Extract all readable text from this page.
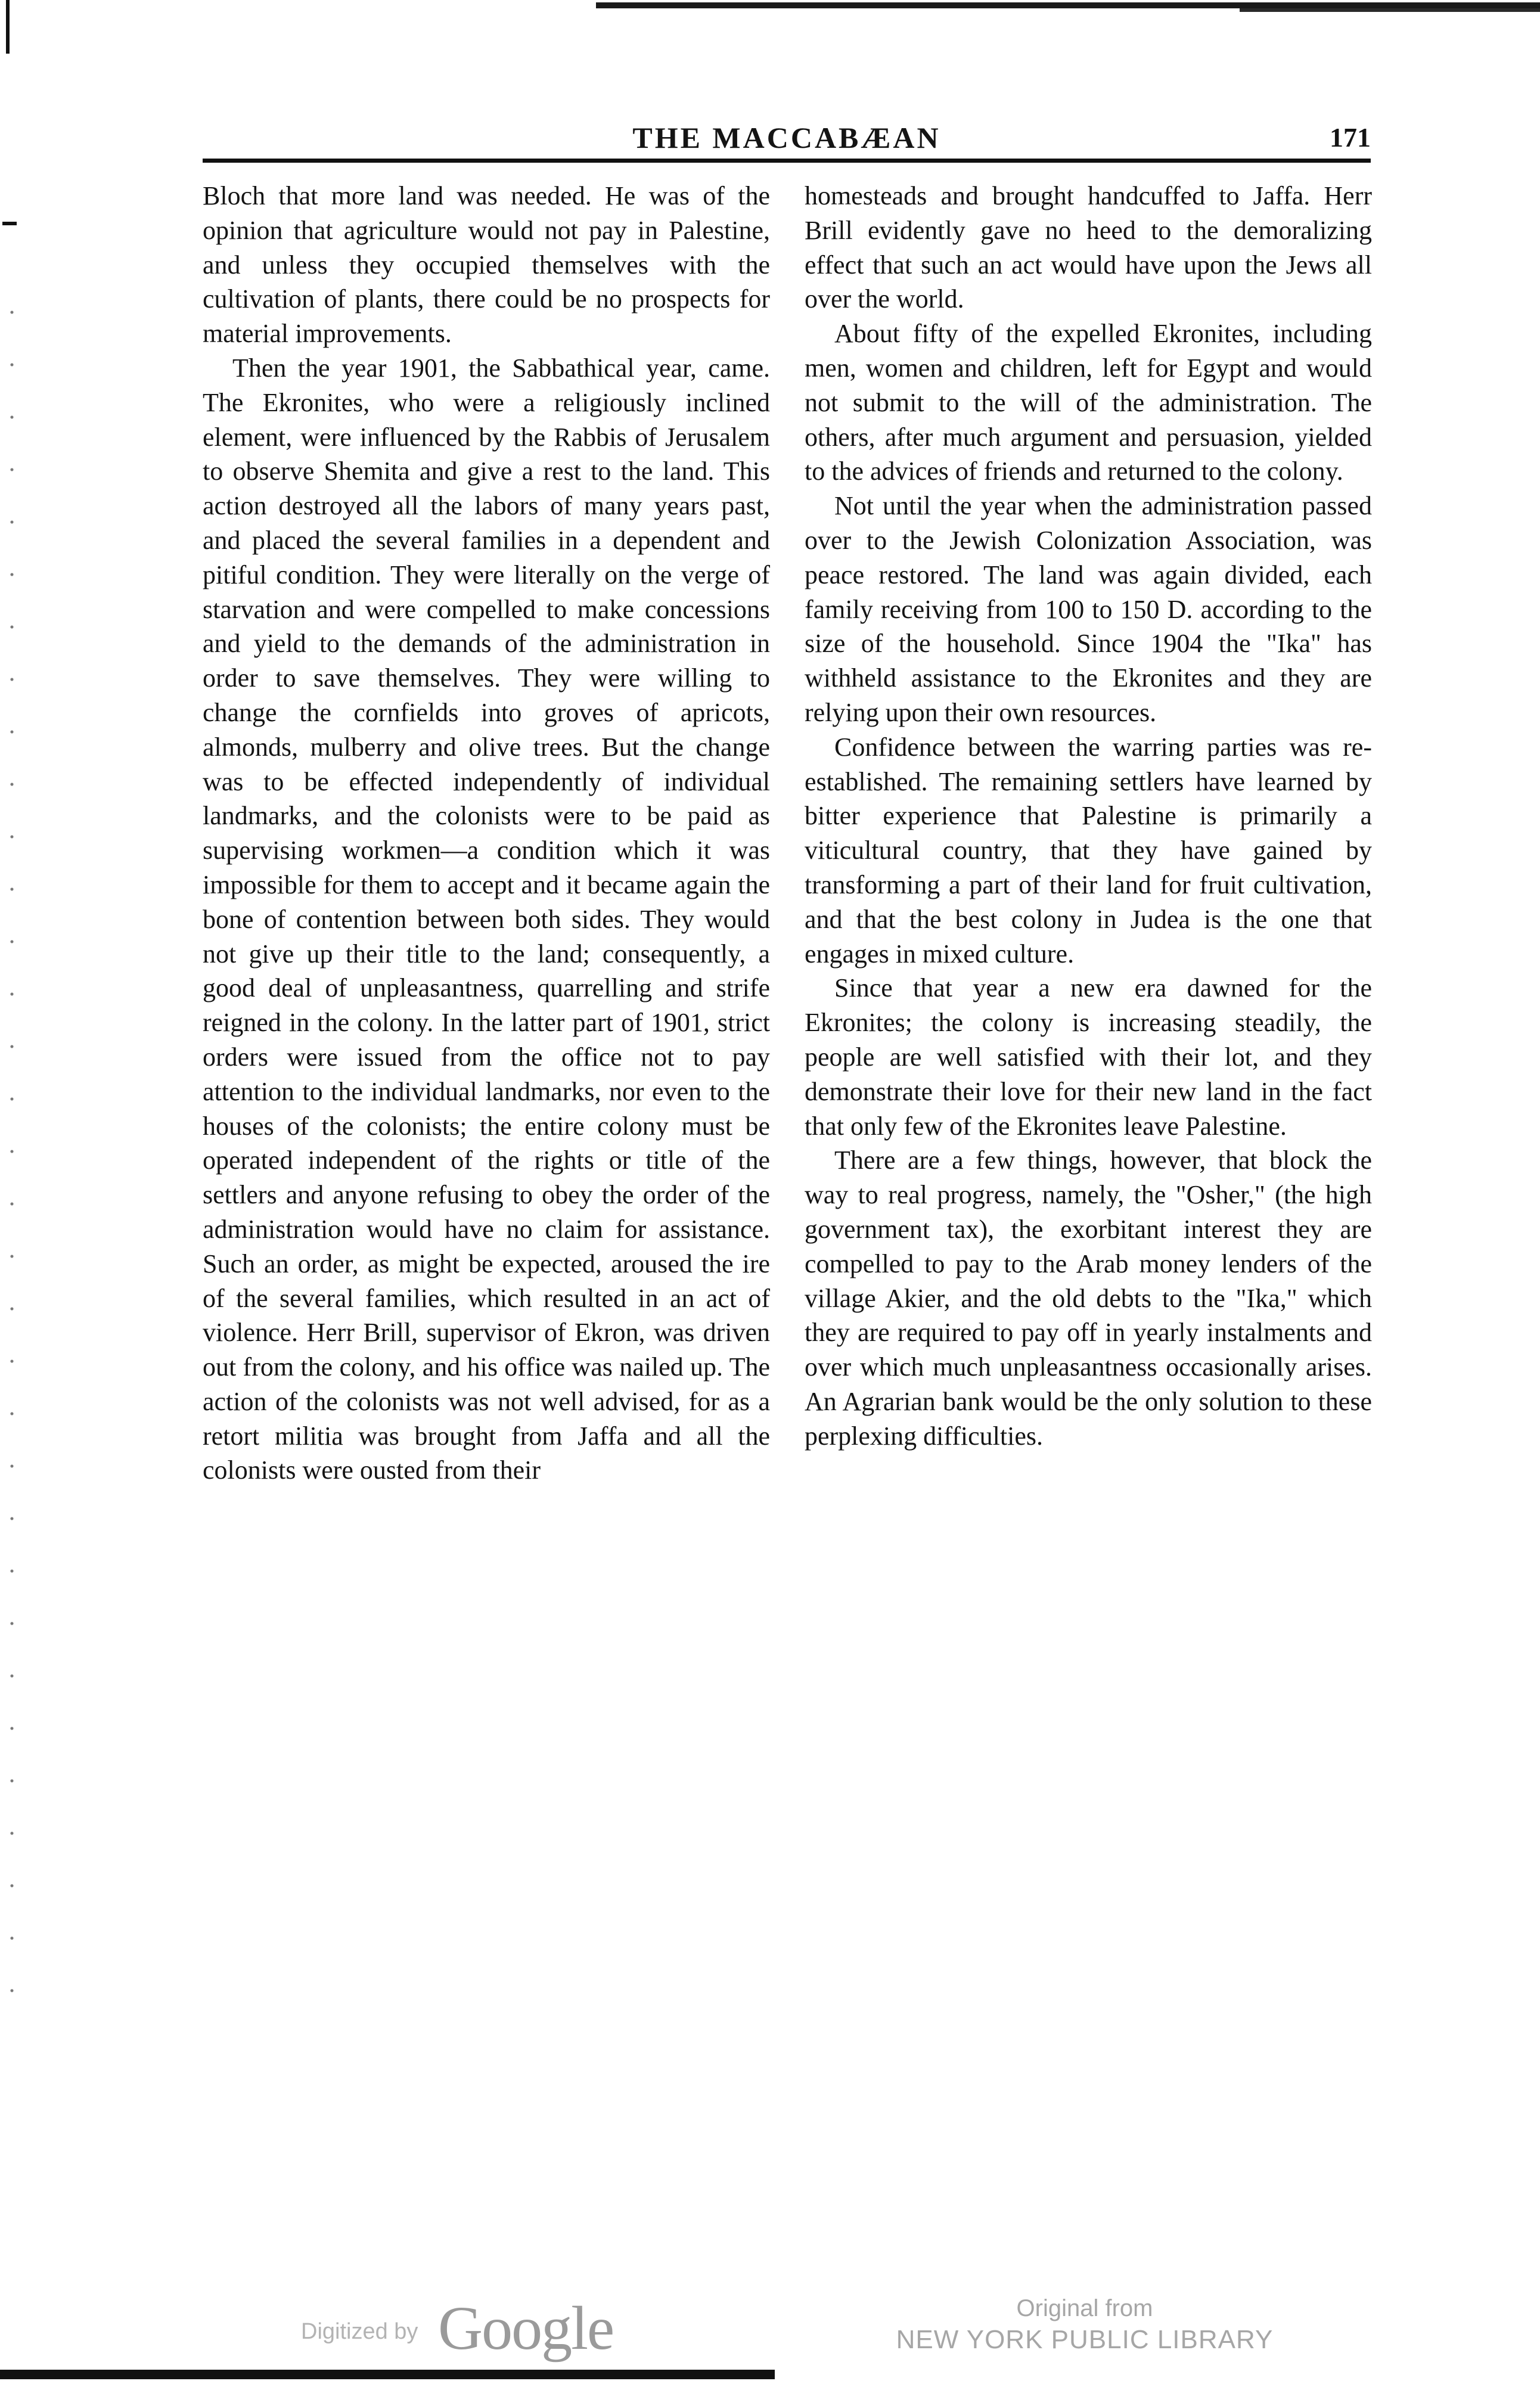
THE MACCABÆAN	171

Bloch that more land was needed. He was of the opinion that agriculture would not pay in Palestine, and unless they occupied themselves with the cultivation of plants, there could be no prospects for material improvements.

Then the year 1901, the Sabbathical year, came. The Ekronites, who were a religiously inclined element, were influenced by the Rabbis of Jerusalem to observe Shemita and give a rest to the land. This action destroyed all the labors of many years past, and placed the several families in a dependent and pitiful condition. They were literally on the verge of starvation and were compelled to make concessions and yield to the demands of the administration in order to save themselves. They were willing to change the cornfields into groves of apricots, almonds, mulberry and olive trees. But the change was to be effected independently of individual landmarks, and the colonists were to be paid as supervising workmen—a condition which it was impossible for them to accept and it became again the bone of contention between both sides. They would not give up their title to the land; consequently, a good deal of unpleasantness, quarrelling and strife reigned in the colony. In the latter part of 1901, strict orders were issued from the office not to pay attention to the individual landmarks, nor even to the houses of the colonists; the entire colony must be operated independent of the rights or title of the settlers and anyone refusing to obey the order of the administration would have no claim for assistance. Such an order, as might be expected, aroused the ire of the several families, which resulted in an act of violence. Herr Brill, supervisor of Ekron, was driven out from the colony, and his office was nailed up. The action of the colonists was not well advised, for as a retort militia was brought from Jaffa and all the colonists were ousted from their

homesteads and brought handcuffed to Jaffa. Herr Brill evidently gave no heed to the demoralizing effect that such an act would have upon the Jews all over the world.

About fifty of the expelled Ekronites, including men, women and children, left for Egypt and would not submit to the will of the administration. The others, after much argument and persuasion, yielded to the advices of friends and returned to the colony.

Not until the year when the administration passed over to the Jewish Colonization Association, was peace restored. The land was again divided, each family receiving from 100 to 150 D. according to the size of the household. Since 1904 the "Ika" has withheld assistance to the Ekronites and they are relying upon their own resources.

Confidence between the warring parties was re-established. The remaining settlers have learned by bitter experience that Palestine is primarily a viticultural country, that they have gained by transforming a part of their land for fruit cultivation, and that the best colony in Judea is the one that engages in mixed culture.

Since that year a new era dawned for the Ekronites; the colony is increasing steadily, the people are well satisfied with their lot, and they demonstrate their love for their new land in the fact that only few of the Ekronites leave Palestine.

There are a few things, however, that block the way to real progress, namely, the "Osher," (the high government tax), the exorbitant interest they are compelled to pay to the Arab money lenders of the village Akier, and the old debts to the "Ika," which they are required to pay off in yearly instalments and over which much unpleasantness occasionally arises. An Agrarian bank would be the only solution to these perplexing difficulties.

Digitized by Google	Original from
NEW YORK PUBLIC LIBRARY
